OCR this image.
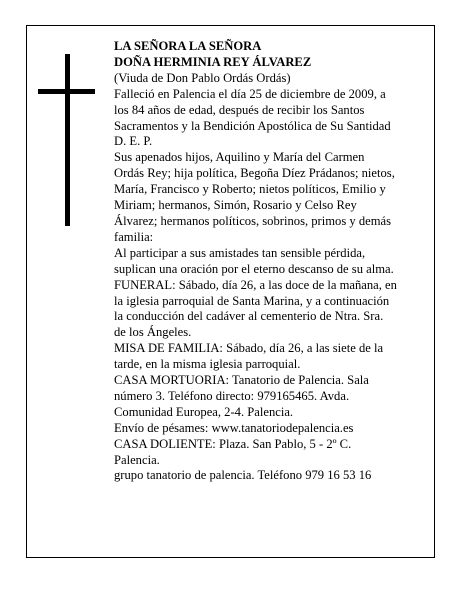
LA SEÑORA LA SEÑORA
DOÑA HERMINIA REY ÁLVAREZ
(Viuda de Don Pablo Ordás Ordás)
Falleció en Palencia el día 25 de diciembre de 2009, a
los 84 años de edad, después de recibir los Santos
Sacramentos y la Bendición Apostólica de Su Santidad
D. E. P.
Sus apenados hijos, Aquilino y María del Carmen
Ordás Rey; hija política, Begoña Díez Prádanos; nietos,
María, Francisco y Roberto; nietos políticos, Emilio y
Miriam; hermanos, Simón, Rosario y Celso Rey
Álvarez; hermanos políticos, sobrinos, primos y demás
familia:
Al participar a sus amistades tan sensible pérdida,
suplican una oración por el eterno descanso de su alma.
FUNERAL: Sábado, día 26, a las doce de la mañana, en
la iglesia parroquial de Santa Marina, y a continuación
la conducción del cadáver al cementerio de Ntra. Sra.
de los Ángeles.
MISA DE FAMILIA: Sábado, día 26, a las siete de la
tarde, en la misma iglesia parroquial.
CASA MORTUORIA: Tanatorio de Palencia. Sala
número 3. Teléfono directo: 979165465. Avda.
Comunidad Europea, 2-4. Palencia.
Envío de pésames: www.tanatoriodepalencia.es
CASA DOLIENTE: Plaza. San Pablo, 5 - 2º C.
Palencia.
grupo tanatorio de palencia. Teléfono 979 16 53 16
